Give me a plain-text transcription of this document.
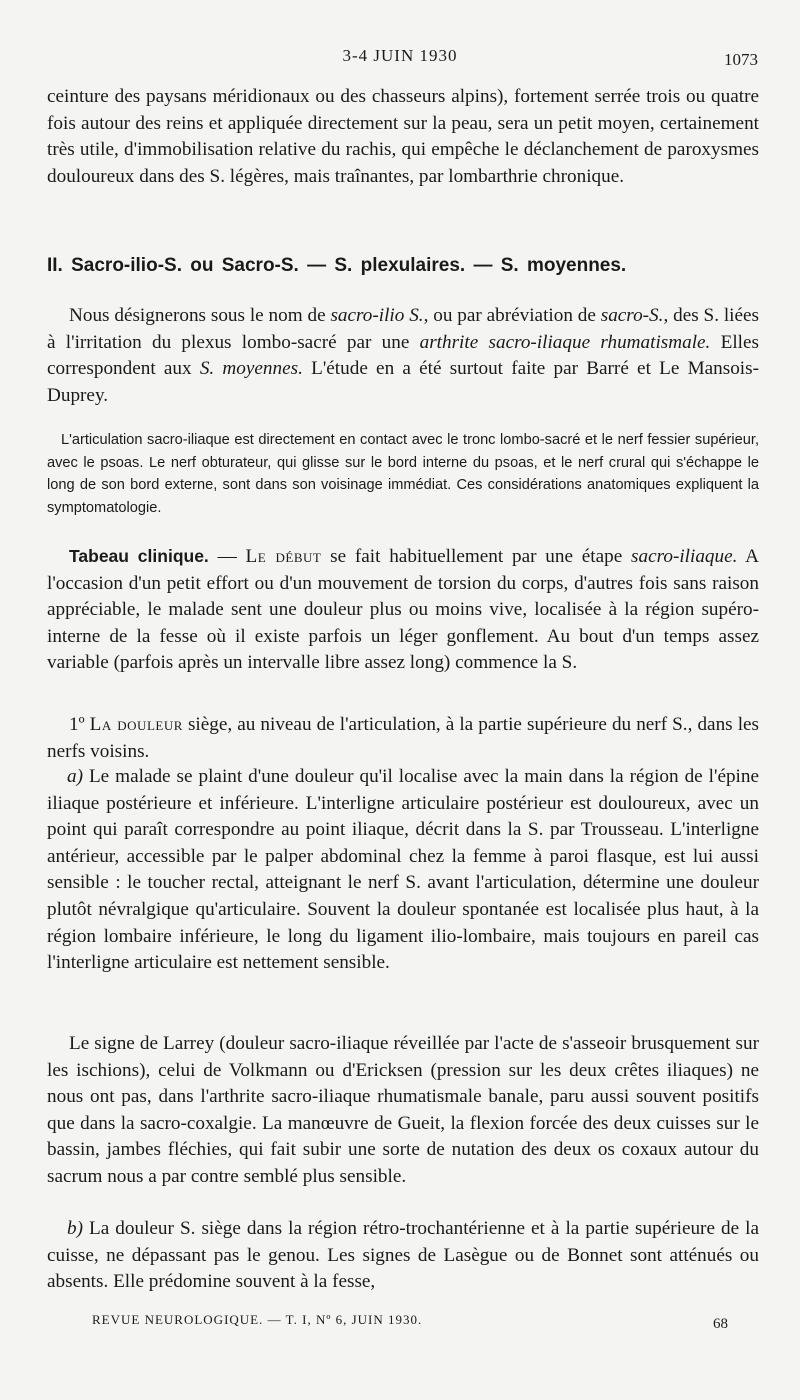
3-4 JUIN 1930	1073

ceinture des paysans méridionaux ou des chasseurs alpins), fortement serrée trois ou quatre fois autour des reins et appliquée directement sur la peau, sera un petit moyen, certainement très utile, d'immobilisation relative du rachis, qui empêche le déclanchement de paroxysmes douloureux dans des S. légères, mais traînantes, par lombarthrie chronique.

II. Sacro-ilio-S. ou Sacro-S. — S. plexulaires. — S. moyennes.

Nous désignerons sous le nom de sacro-ilio S., ou par abréviation de sacro-S., des S. liées à l'irritation du plexus lombo-sacré par une arthrite sacro-iliaque rhumatismale. Elles correspondent aux S. moyennes. L'étude en a été surtout faite par Barré et Le Mansois-Duprey.

L'articulation sacro-iliaque est directement en contact avec le tronc lombo-sacré et le nerf fessier supérieur, avec le psoas. Le nerf obturateur, qui glisse sur le bord interne du psoas, et le nerf crural qui s'échappe le long de son bord externe, sont dans son voisinage immédiat. Ces considérations anatomiques expliquent la symptomatologie.

Tabeau clinique. — Le début se fait habituellement par une étape sacro-iliaque. A l'occasion d'un petit effort ou d'un mouvement de torsion du corps, d'autres fois sans raison appréciable, le malade sent une douleur plus ou moins vive, localisée à la région supéro-interne de la fesse où il existe parfois un léger gonflement. Au bout d'un temps assez variable (parfois après un intervalle libre assez long) commence la S.

1º La douleur siège, au niveau de l'articulation, à la partie supérieure du nerf S., dans les nerfs voisins.

a) Le malade se plaint d'une douleur qu'il localise avec la main dans la région de l'épine iliaque postérieure et inférieure. L'interligne articulaire postérieur est douloureux, avec un point qui paraît correspondre au point iliaque, décrit dans la S. par Trousseau. L'interligne antérieur, accessible par le palper abdominal chez la femme à paroi flasque, est lui aussi sensible : le toucher rectal, atteignant le nerf S. avant l'articulation, détermine une douleur plutôt névralgique qu'articulaire. Souvent la douleur spontanée est localisée plus haut, à la région lombaire inférieure, le long du ligament ilio-lombaire, mais toujours en pareil cas l'interligne articulaire est nettement sensible.

Le signe de Larrey (douleur sacro-iliaque réveillée par l'acte de s'asseoir brusquement sur les ischions), celui de Volkmann ou d'Ericksen (pression sur les deux crêtes iliaques) ne nous ont pas, dans l'arthrite sacro-iliaque rhumatismale banale, paru aussi souvent positifs que dans la sacro-coxalgie. La manœuvre de Gueit, la flexion forcée des deux cuisses sur le bassin, jambes fléchies, qui fait subir une sorte de nutation des deux os coxaux autour du sacrum nous a par contre semblé plus sensible.

b) La douleur S. siège dans la région rétro-trochantérienne et à la partie supérieure de la cuisse, ne dépassant pas le genou. Les signes de Lasègue ou de Bonnet sont atténués ou absents. Elle prédomine souvent à la fesse,

REVUE NEUROLOGIQUE. — T. I, Nº 6, JUIN 1930.	68
